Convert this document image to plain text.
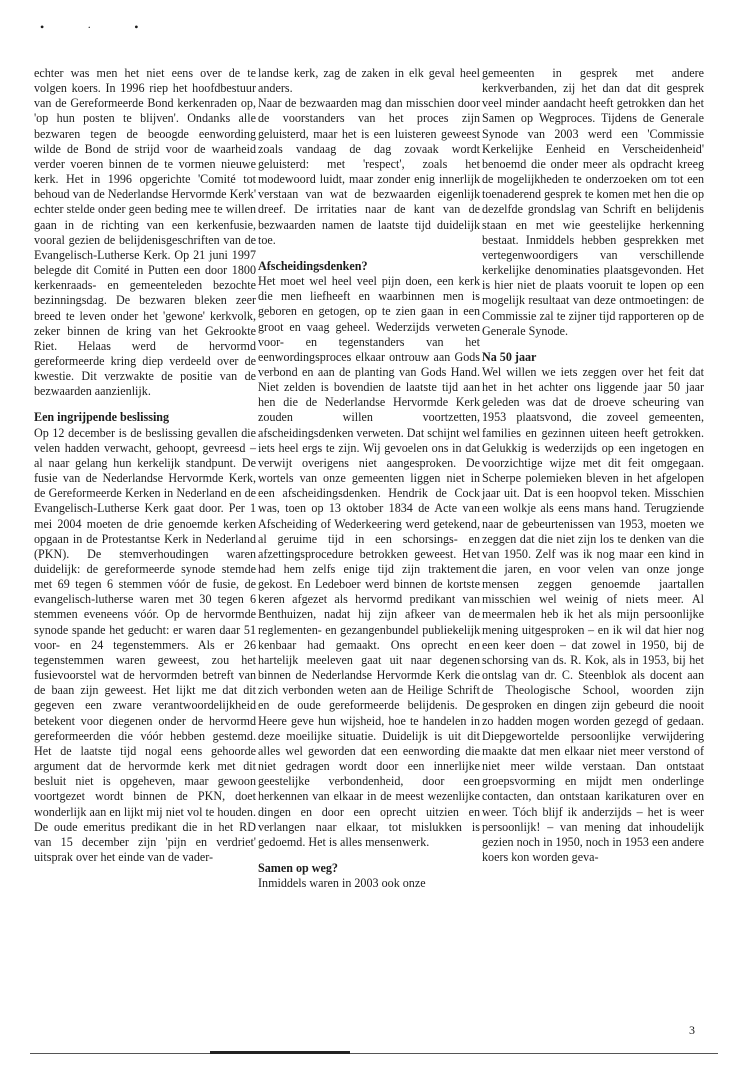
• · •

echter was men het niet eens over de te volgen koers. In 1996 riep het hoofdbestuur van de Gereformeerde Bond kerkenraden op, 'op hun posten te blijven'. Ondanks alle bezwaren tegen de beoogde eenwording wilde de Bond de strijd voor de waarheid verder voeren binnen de te vormen nieuwe kerk. Het in 1996 opgerichte 'Comité tot behoud van de Nederlandse Hervormde Kerk' echter stelde onder geen beding mee te willen gaan in de richting van een kerkenfusie, vooral gezien de belijdenisgeschriften van de Evangelisch-Lutherse Kerk. Op 21 juni 1997 belegde dit Comité in Putten een door 1800 kerkenraads- en gemeenteleden bezochte bezinningsdag. De bezwaren bleken zeer breed te leven onder het 'gewone' kerkvolk, zeker binnen de kring van het Gekrookte Riet. Helaas werd de hervormd gereformeerde kring diep verdeeld over de kwestie. Dit verzwakte de positie van de bezwaarden aanzienlijk.

Een ingrijpende beslissing

Op 12 december is de beslissing gevallen die velen hadden verwacht, gehoopt, gevreesd – al naar gelang hun kerkelijk standpunt. De fusie van de Nederlandse Hervormde Kerk, de Gereformeerde Kerken in Nederland en de Evangelisch-Lutherse Kerk gaat door. Per 1 mei 2004 moeten de drie genoemde kerken opgaan in de Protestantse Kerk in Nederland (PKN). De stemverhoudingen waren duidelijk: de gereformeerde synode stemde met 69 tegen 6 stemmen vóór de fusie, de evangelisch-lutherse waren met 30 tegen 6 stemmen eveneens vóór. Op de hervormde synode spande het geducht: er waren daar 51 voor- en 24 tegenstemmers. Als er 26 tegenstemmen waren geweest, zou het fusievoorstel wat de hervormden betreft van de baan zijn geweest. Het lijkt me dat dit gegeven een zware verantwoordelijkheid betekent voor diegenen onder de hervormd gereformeerden die vóór hebben gestemd. Het de laatste tijd nogal eens gehoorde argument dat de hervormde kerk met dit besluit niet is opgeheven, maar gewoon voortgezet wordt binnen de PKN, doet wonderlijk aan en lijkt mij niet vol te houden. De oude emeritus predikant die in het RD van 15 december zijn 'pijn en verdriet' uitsprak over het einde van de vader-

landse kerk, zag de zaken in elk geval heel anders.

Naar de bezwaarden mag dan misschien door de voorstanders van het proces zijn geluisterd, maar het is een luisteren geweest zoals vandaag de dag zovaak wordt geluisterd: met 'respect', zoals het modewoord luidt, maar zonder enig innerlijk verstaan van wat de bezwaarden eigenlijk dreef. De irritaties naar de kant van de bezwaarden namen de laatste tijd duidelijk toe.

Afscheidingsdenken?

Het moet wel heel veel pijn doen, een kerk die men liefheeft en waarbinnen men is geboren en getogen, op te zien gaan in een groot en vaag geheel. Wederzijds verweten voor- en tegenstanders van het eenwordingsproces elkaar ontrouw aan Gods verbond en aan de planting van Gods Hand. Niet zelden is bovendien de laatste tijd aan hen die de Nederlandse Hervormde Kerk zouden willen voortzetten, afscheidingsdenken verweten. Dat schijnt wel iets heel ergs te zijn. Wij gevoelen ons in dat verwijt overigens niet aangesproken. De wortels van onze gemeenten liggen niet in een afscheidingsdenken. Hendrik de Cock was, toen op 13 oktober 1834 de Acte van Afscheiding of Wederkeering werd getekend, al geruime tijd in een schorsings- en afzettingsprocedure betrokken geweest. Het had hem zelfs enige tijd zijn traktement gekost. En Ledeboer werd binnen de kortste keren afgezet als hervormd predikant van Benthuizen, nadat hij zijn afkeer van de reglementen- en gezangenbundel publiekelijk kenbaar had gemaakt. Ons oprecht en hartelijk meeleven gaat uit naar degenen binnen de Nederlandse Hervormde Kerk die zich verbonden weten aan de Heilige Schrift en de oude gereformeerde belijdenis. De Heere geve hun wijsheid, hoe te handelen in deze moeilijke situatie. Duidelijk is uit dit alles wel geworden dat een eenwording die niet gedragen wordt door een innerlijke geestelijke verbondenheid, door een herkennen van elkaar in de meest wezenlijke dingen en door een oprecht uitzien en verlangen naar elkaar, tot mislukken is gedoemd. Het is alles mensenwerk.

Samen op weg?

Inmiddels waren in 2003 ook onze

gemeenten in gesprek met andere kerkverbanden, zij het dan dat dit gesprek veel minder aandacht heeft getrokken dan het Samen op Wegproces. Tijdens de Generale Synode van 2003 werd een 'Commissie Kerkelijke Eenheid en Verscheidenheid' benoemd die onder meer als opdracht kreeg de mogelijkheden te onderzoeken om tot een toenaderend gesprek te komen met hen die op dezelfde grondslag van Schrift en belijdenis staan en met wie geestelijke herkenning bestaat. Inmiddels hebben gesprekken met vertegenwoordigers van verschillende kerkelijke denominaties plaatsgevonden. Het is hier niet de plaats vooruit te lopen op een mogelijk resultaat van deze ontmoetingen: de Commissie zal te zijner tijd rapporteren op de Generale Synode.

Na 50 jaar

Wel willen we iets zeggen over het feit dat het in het achter ons liggende jaar 50 jaar geleden was dat de droeve scheuring van 1953 plaatsvond, die zoveel gemeenten, families en gezinnen uiteen heeft getrokken. Gelukkig is wederzijds op een ingetogen en voorzichtige wijze met dit feit omgegaan. Scherpe polemieken bleven in het afgelopen jaar uit. Dat is een hoopvol teken. Misschien een wolkje als eens mans hand. Terugziende naar de gebeurtenissen van 1953, moeten we zeggen dat die niet zijn los te denken van die van 1950. Zelf was ik nog maar een kind in die jaren, en voor velen van onze jonge mensen zeggen genoemde jaartallen misschien wel weinig of niets meer. Al meermalen heb ik het als mijn persoonlijke mening uitgesproken – en ik wil dat hier nog een keer doen – dat zowel in 1950, bij de schorsing van ds. R. Kok, als in 1953, bij het ontslag van dr. C. Steenblok als docent aan de Theologische School, woorden zijn gesproken en dingen zijn gebeurd die nooit zo hadden mogen worden gezegd of gedaan. Diepgewortelde persoonlijke verwijdering maakte dat men elkaar niet meer verstond of niet meer wilde verstaan. Dan ontstaat groepsvorming en mijdt men onderlinge contacten, dan ontstaan karikaturen over en weer. Tóch blijf ik anderzijds – het is weer persoonlijk! – van mening dat inhoudelijk gezien noch in 1950, noch in 1953 een andere koers kon worden geva-

3
